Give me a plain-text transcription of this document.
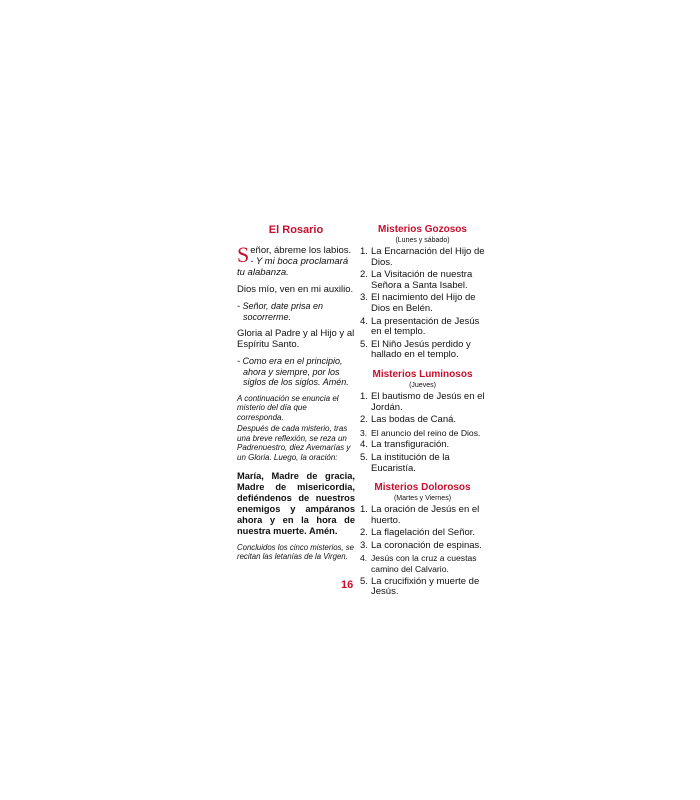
El Rosario

Señor, ábreme los labios. - Y mi boca proclamará tu alabanza.

Dios mío, ven en mi auxilio.

- Señor, date prisa en socorrerme.

Gloria al Padre y al Hijo y al Espíritu Santo.

- Como era en el principio, ahora y siempre, por los siglos de los siglos. Amén.

A continuación se enuncia el misterio del día que corresponda.

Después de cada misterio, tras una breve reflexión, se reza un Padrenuestro, diez Avemarías y un Gloria. Luego, la oración:

María, Madre de gracia, Madre de misericordia, defiéndenos de nuestros enemigos y ampáranos ahora y en la hora de nuestra muerte. Amén.

Concluidos los cinco misterios, se recitan las letanías de la Virgen.

Misterios Gozosos
(Lunes y sábado)
1. La Encarnación del Hijo de Dios.
2. La Visitación de nuestra Señora a Santa Isabel.
3. El nacimiento del Hijo de Dios en Belén.
4. La presentación de Jesús en el templo.
5. El Niño Jesús perdido y hallado en el templo.
Misterios Luminosos
(Jueves)
1. El bautismo de Jesús en el Jordán.
2. Las bodas de Caná.
3. El anuncio del reino de Dios.
4. La transfiguración.
5. La institución de la Eucaristía.
Misterios Dolorosos
(Martes y Viernes)
1. La oración de Jesús en el huerto.
2. La flagelación del Señor.
3. La coronación de espinas.
4. Jesús con la cruz a cuestas camino del Calvario.
5. La crucifixión y muerte de Jesús.
16
